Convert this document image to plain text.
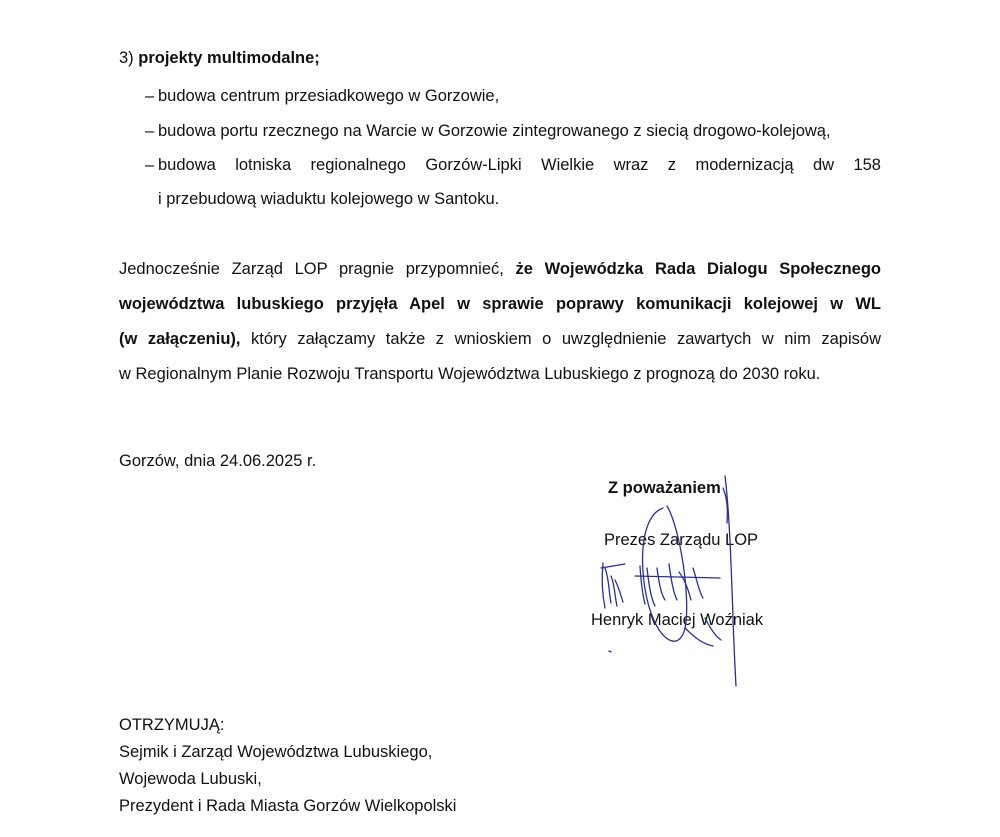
3) projekty multimodalne;
– budowa centrum przesiadkowego w Gorzowie,
– budowa portu rzecznego na Warcie w Gorzowie zintegrowanego z siecią drogowo-kolejową,
– budowa lotniska regionalnego Gorzów-Lipki Wielkie wraz z modernizacją dw 158
i przebudową wiaduktu kolejowego w Santoku.
Jednocześnie Zarząd LOP pragnie przypomnieć, że Wojewódzka Rada Dialogu Społecznego
województwa lubuskiego przyjęła Apel w sprawie poprawy komunikacji kolejowej w WL
(w załączeniu), który załączamy także z wnioskiem o uwzględnienie zawartych w nim zapisów
w Regionalnym Planie Rozwoju Transportu Województwa Lubuskiego z prognozą do 2030 roku.
Gorzów, dnia 24.06.2025 r.
Z poważaniem
Prezes Zarządu LOP
Henryk Maciej Woźniak
OTRZYMUJĄ:
Sejmik i Zarząd Województwa Lubuskiego,
Wojewoda Lubuski,
Prezydent i Rada Miasta Gorzów Wielkopolski
